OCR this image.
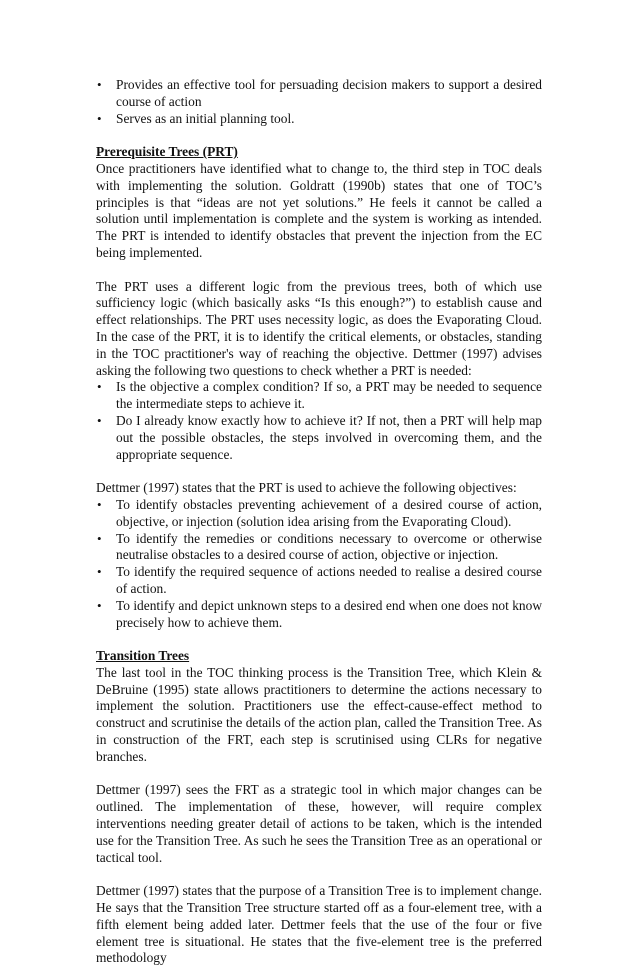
• Provides an effective tool for persuading decision makers to support a desired course of action
• Serves as an initial planning tool.

Prerequisite Trees (PRT)

Once practitioners have identified what to change to, the third step in TOC deals with implementing the solution. Goldratt (1990b) states that one of TOC’s principles is that “ideas are not yet solutions.” He feels it cannot be called a solution until implementation is complete and the system is working as intended. The PRT is intended to identify obstacles that prevent the injection from the EC being implemented.

The PRT uses a different logic from the previous trees, both of which use sufficiency logic (which basically asks “Is this enough?”) to establish cause and effect relationships. The PRT uses necessity logic, as does the Evaporating Cloud. In the case of the PRT, it is to identify the critical elements, or obstacles, standing in the TOC practitioner's way of reaching the objective. Dettmer (1997) advises asking the following two questions to check whether a PRT is needed:

• Is the objective a complex condition? If so, a PRT may be needed to sequence the intermediate steps to achieve it.
• Do I already know exactly how to achieve it? If not, then a PRT will help map out the possible obstacles, the steps involved in overcoming them, and the appropriate sequence.

Dettmer (1997) states that the PRT is used to achieve the following objectives:

• To identify obstacles preventing achievement of a desired course of action, objective, or injection (solution idea arising from the Evaporating Cloud).
• To identify the remedies or conditions necessary to overcome or otherwise neutralise obstacles to a desired course of action, objective or injection.
• To identify the required sequence of actions needed to realise a desired course of action.
• To identify and depict unknown steps to a desired end when one does not know precisely how to achieve them.

Transition Trees

The last tool in the TOC thinking process is the Transition Tree, which Klein & DeBruine (1995) state allows practitioners to determine the actions necessary to implement the solution. Practitioners use the effect-cause-effect method to construct and scrutinise the details of the action plan, called the Transition Tree. As in construction of the FRT, each step is scrutinised using CLRs for negative branches.

Dettmer (1997) sees the FRT as a strategic tool in which major changes can be outlined. The implementation of these, however, will require complex interventions needing greater detail of actions to be taken, which is the intended use for the Transition Tree. As such he sees the Transition Tree as an operational or tactical tool.

Dettmer (1997) states that the purpose of a Transition Tree is to implement change. He says that the Transition Tree structure started off as a four-element tree, with a fifth element being added later. Dettmer feels that the use of the four or five element tree is situational. He states that the five-element tree is the preferred methodology
